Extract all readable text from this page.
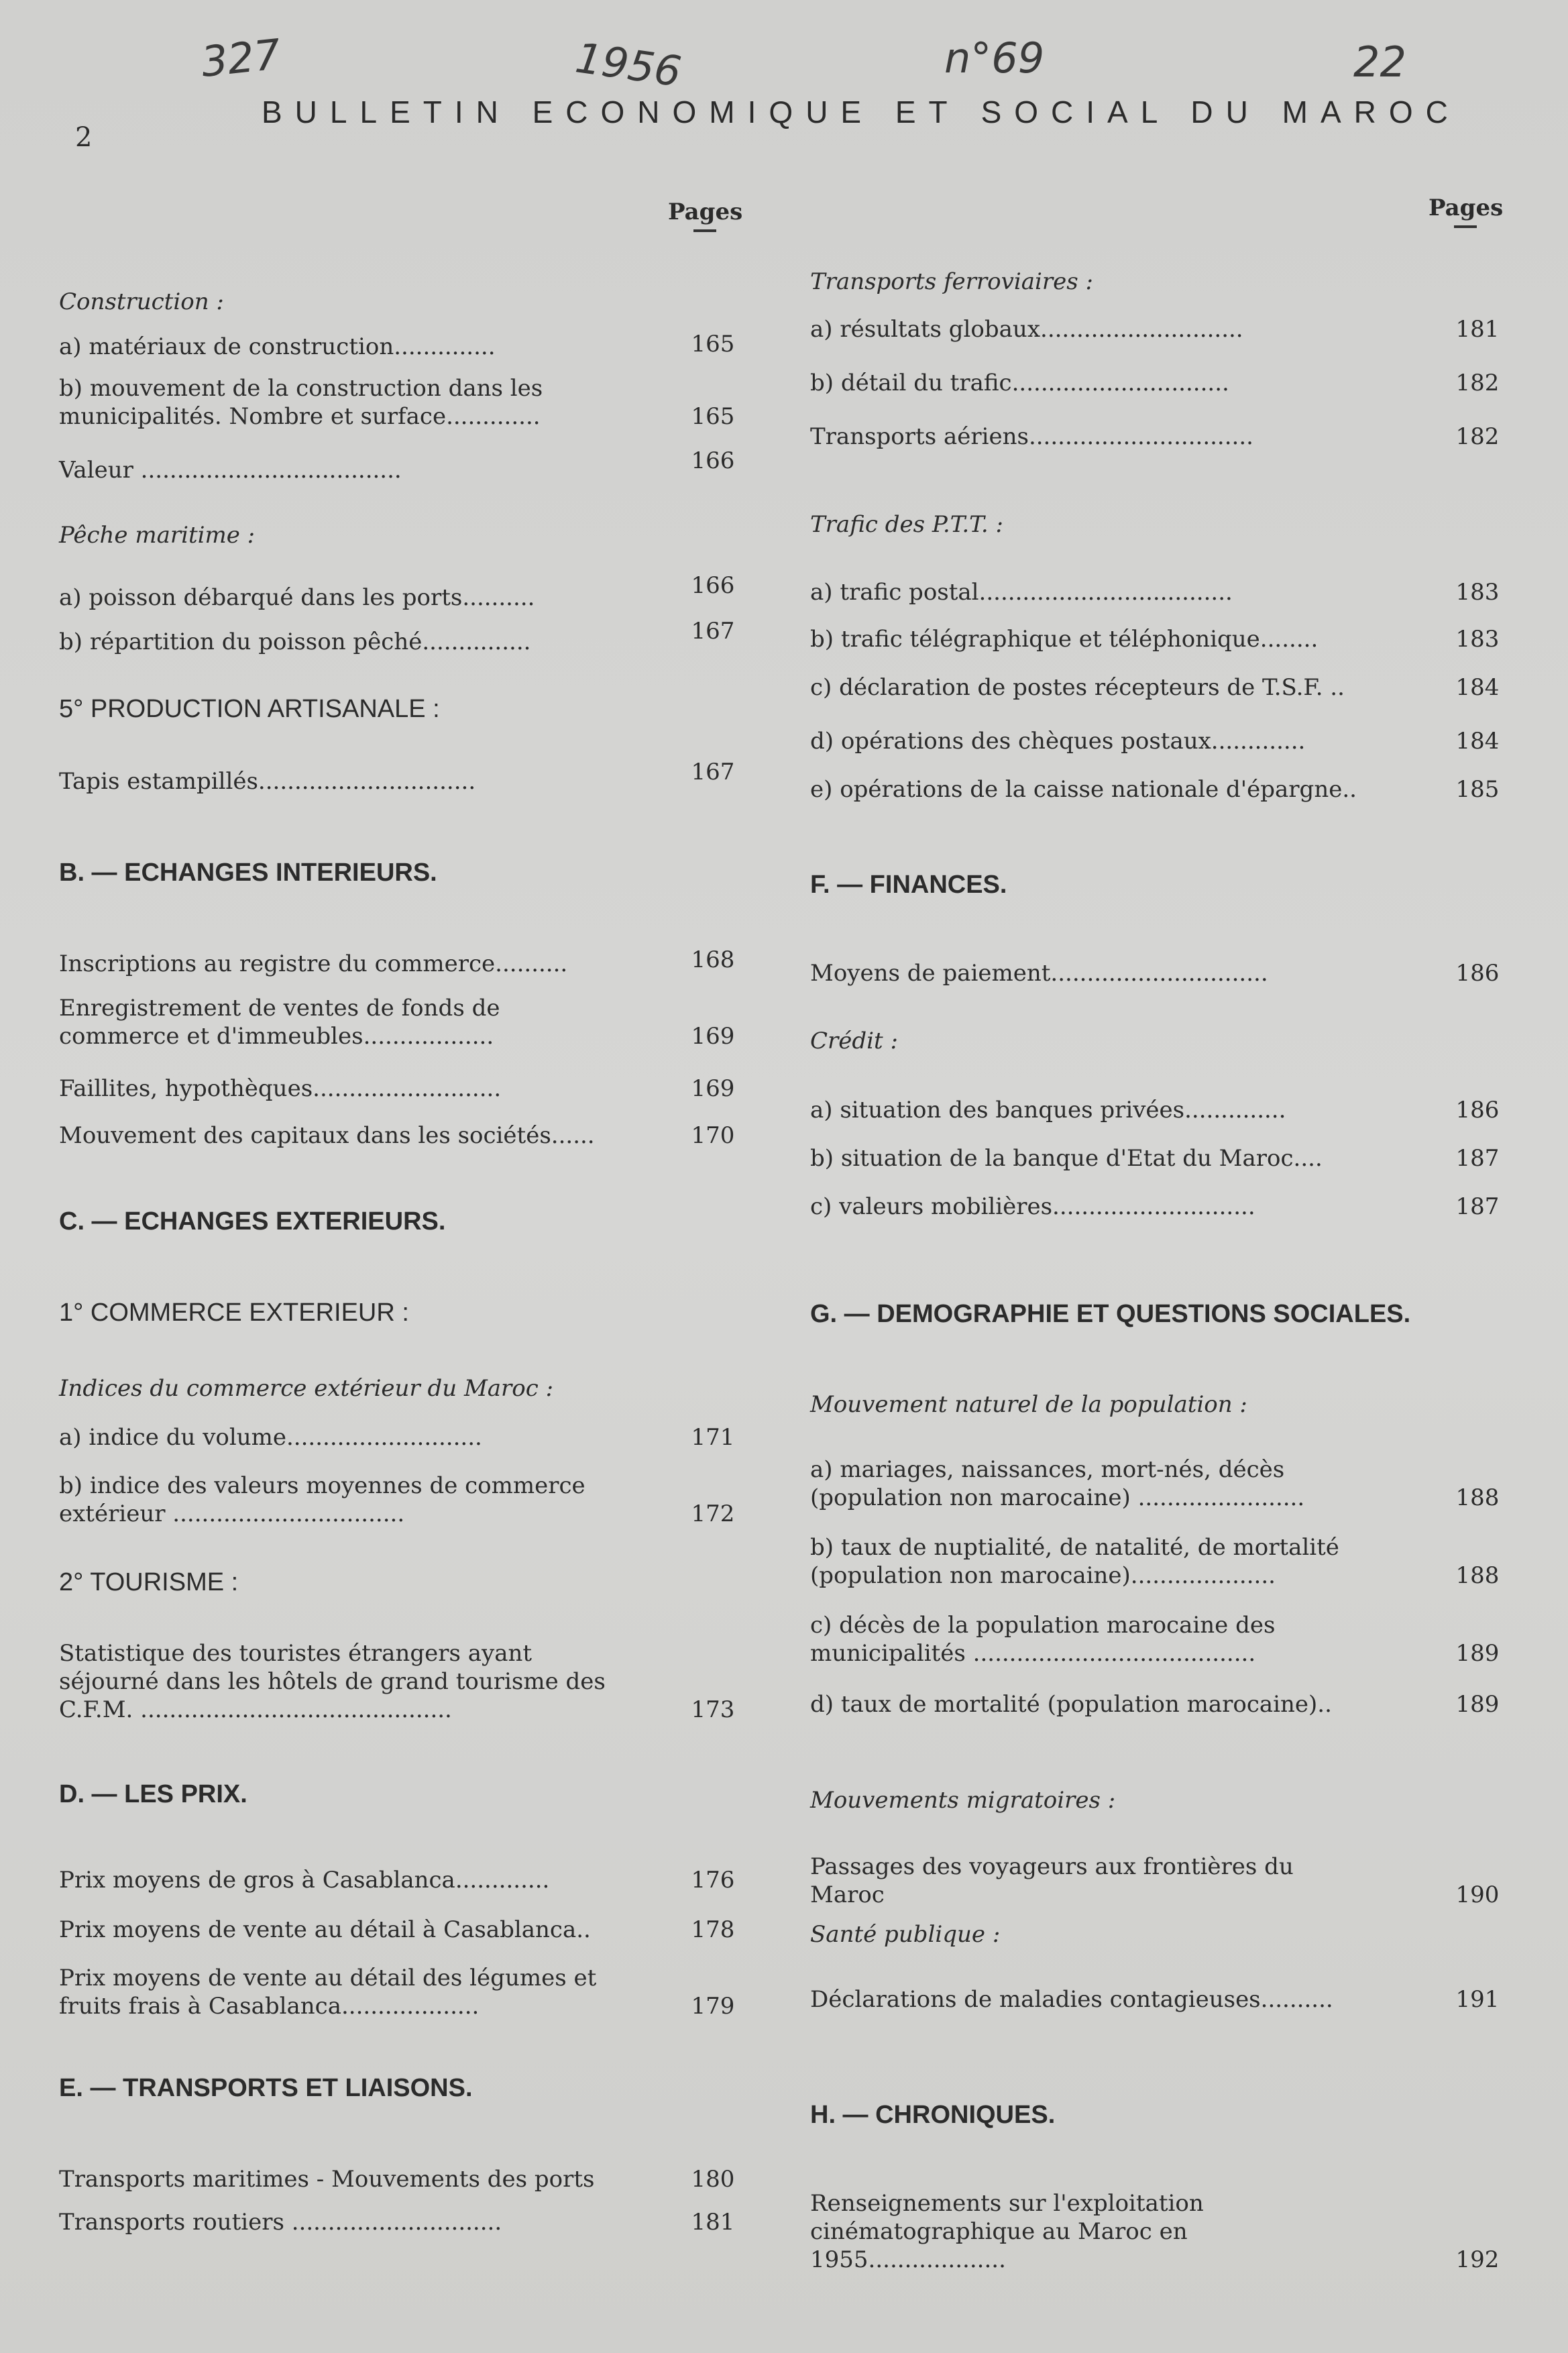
327	1956	n°69	22
2
BULLETIN ECONOMIQUE ET SOCIAL DU MAROC
Pages
Construction :
a) matériaux de construction..............	165
b) mouvement de la construction dans les municipalités. Nombre et surface.............	165
Valeur ....................................	166
Pêche maritime :
a) poisson débarqué dans les ports..........	166
b) répartition du poisson pêché...............	167
5° PRODUCTION ARTISANALE :
Tapis estampillés..............................	167
B. — ECHANGES INTERIEURS.
Inscriptions au registre du commerce..........	168
Enregistrement de ventes de fonds de commerce et d'immeubles..................	169
Faillites, hypothèques..........................	169
Mouvement des capitaux dans les sociétés......	170
C. — ECHANGES EXTERIEURS.
1° COMMERCE EXTERIEUR :
Indices du commerce extérieur du Maroc :
a) indice du volume...........................	171
b) indice des valeurs moyennes de commerce extérieur ................................	172
2° TOURISME :
Statistique des touristes étrangers ayant séjourné dans les hôtels de grand tourisme des C.F.M. ...........................................	173
D. — LES PRIX.
Prix moyens de gros à Casablanca.............	176
Prix moyens de vente au détail à Casablanca..	178
Prix moyens de vente au détail des légumes et fruits frais à Casablanca...................	179
E. — TRANSPORTS ET LIAISONS.
Transports maritimes - Mouvements des ports	180
Transports routiers .............................	181
Pages
Transports ferroviaires :
a) résultats globaux............................	181
b) détail du trafic..............................	182
Transports aériens...............................	182
Trafic des P.T.T. :
a) trafic postal...................................	183
b) trafic télégraphique et téléphonique........	183
c) déclaration de postes récepteurs de T.S.F. ..	184
d) opérations des chèques postaux.............	184
e) opérations de la caisse nationale d'épargne..	185
F. — FINANCES.
Moyens de paiement..............................	186
Crédit :
a) situation des banques privées..............	186
b) situation de la banque d'Etat du Maroc....	187
c) valeurs mobilières............................	187
G. — DEMOGRAPHIE ET QUESTIONS SOCIALES.
Mouvement naturel de la population :
a) mariages, naissances, mort-nés, décès (population non marocaine) .......................	188
b) taux de nuptialité, de natalité, de mortalité (population non marocaine)....................	188
c) décès de la population marocaine des municipalités .......................................	189
d) taux de mortalité (population marocaine)..	189
Mouvements migratoires :
Passages des voyageurs aux frontières du Maroc	190
Santé publique :
Déclarations de maladies contagieuses..........	191
H. — CHRONIQUES.
Renseignements sur l'exploitation cinématographique au Maroc en 1955...................	192
